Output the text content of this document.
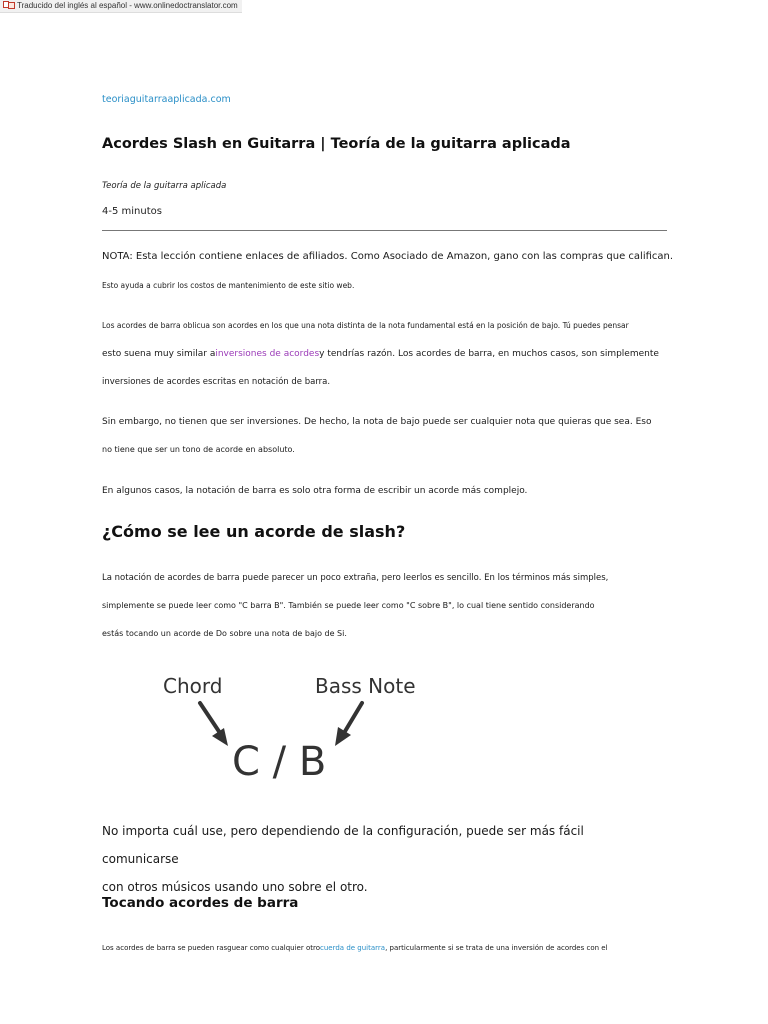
Traducido del inglés al español - www.onlinedoctranslator.com
teoriaguitarraaplicada.com
Acordes Slash en Guitarra | Teoría de la guitarra aplicada
Teoría de la guitarra aplicada
4-5 minutos
NOTA: Esta lección contiene enlaces de afiliados. Como Asociado de Amazon, gano con las compras que califican.
Esto ayuda a cubrir los costos de mantenimiento de este sitio web.
Los acordes de barra oblicua son acordes en los que una nota distinta de la nota fundamental está en la posición de bajo. Tú puedes pensar
esto suena muy similar ainversiones de acordesy tendrías razón. Los acordes de barra, en muchos casos, son simplemente
inversiones de acordes escritas en notación de barra.
Sin embargo, no tienen que ser inversiones. De hecho, la nota de bajo puede ser cualquier nota que quieras que sea. Eso
no tiene que ser un tono de acorde en absoluto.
En algunos casos, la notación de barra es solo otra forma de escribir un acorde más complejo.
¿Cómo se lee un acorde de slash?
La notación de acordes de barra puede parecer un poco extraña, pero leerlos es sencillo. En los términos más simples,
simplemente se puede leer como "C barra B". También se puede leer como "C sobre B", lo cual tiene sentido considerando
estás tocando un acorde de Do sobre una nota de bajo de Si.
Chord	Bass Note
C / B
No importa cuál use, pero dependiendo de la configuración, puede ser más fácil comunicarse
con otros músicos usando uno sobre el otro.
Tocando acordes de barra
Los acordes de barra se pueden rasguear como cualquier otrocuerda de guitarra, particularmente si se trata de una inversión de acordes con el
